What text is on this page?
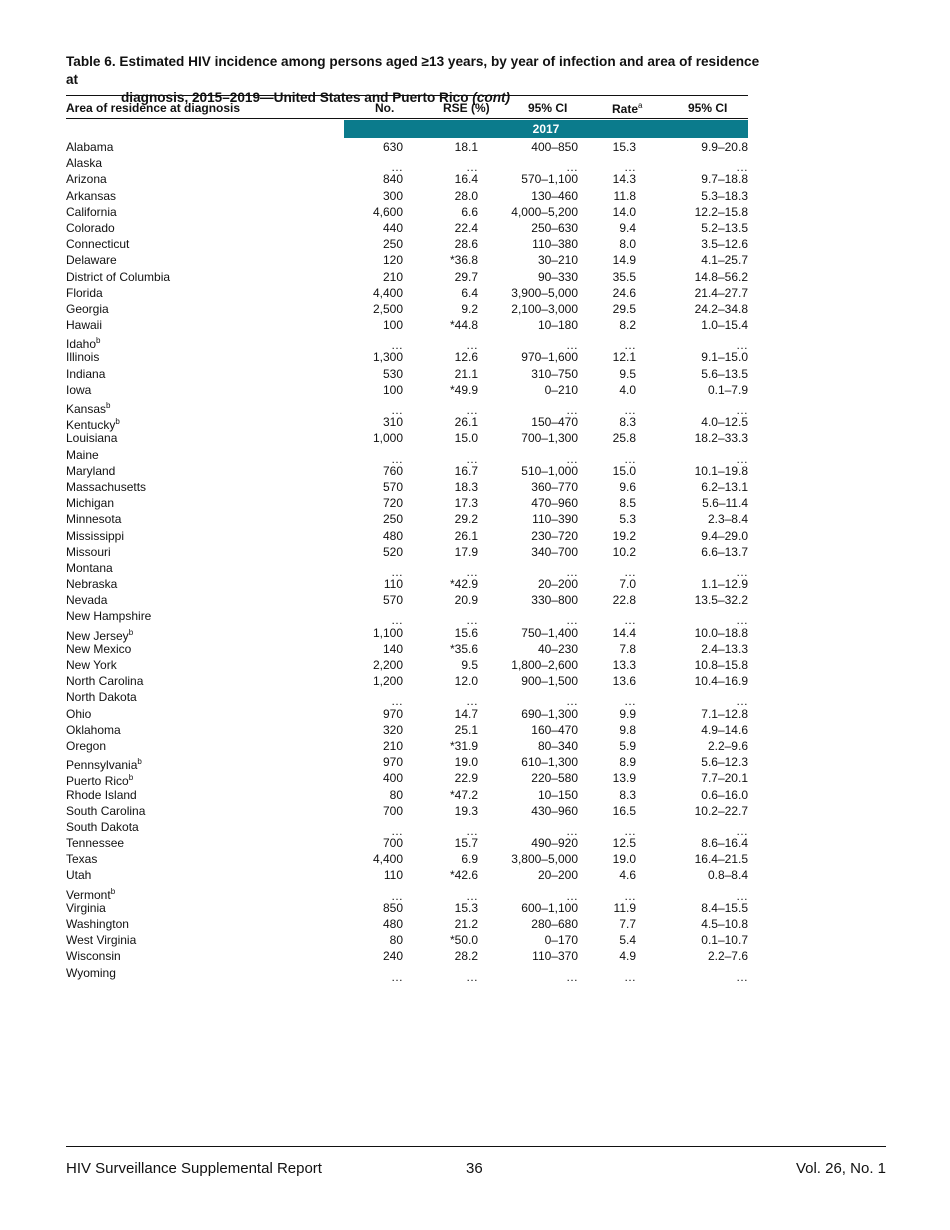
Table 6. Estimated HIV incidence among persons aged ≥13 years, by year of infection and area of residence at
diagnosis, 2015–2019—United States and Puerto Rico (cont)
Area of residence at diagnosis	No.	RSE (%)	95% CI	Rate$^a$	95% CI
2017
Alabama	630	18.1	400–850	15.3	9.9–20.8
Alaska	…	…	…	…	…
Arizona	840	16.4	570–1,100	14.3	9.7–18.8
Arkansas	300	28.0	130–460	11.8	5.3–18.3
California	4,600	6.6	4,000–5,200	14.0	12.2–15.8
Colorado	440	22.4	250–630	9.4	5.2–13.5
Connecticut	250	28.6	110–380	8.0	3.5–12.6
Delaware	120	*36.8	30–210	14.9	4.1–25.7
District of Columbia	210	29.7	90–330	35.5	14.8–56.2
Florida	4,400	6.4	3,900–5,000	24.6	21.4–27.7
Georgia	2,500	9.2	2,100–3,000	29.5	24.2–34.8
Hawaii	100	*44.8	10–180	8.2	1.0–15.4
Idaho$^b$	…	…	…	…	…
Illinois	1,300	12.6	970–1,600	12.1	9.1–15.0
Indiana	530	21.1	310–750	9.5	5.6–13.5
Iowa	100	*49.9	0–210	4.0	0.1–7.9
Kansas$^b$	…	…	…	…	…
Kentucky$^b$	310	26.1	150–470	8.3	4.0–12.5
Louisiana	1,000	15.0	700–1,300	25.8	18.2–33.3
Maine	…	…	…	…	…
Maryland	760	16.7	510–1,000	15.0	10.1–19.8
Massachusetts	570	18.3	360–770	9.6	6.2–13.1
Michigan	720	17.3	470–960	8.5	5.6–11.4
Minnesota	250	29.2	110–390	5.3	2.3–8.4
Mississippi	480	26.1	230–720	19.2	9.4–29.0
Missouri	520	17.9	340–700	10.2	6.6–13.7
Montana	…	…	…	…	…
Nebraska	110	*42.9	20–200	7.0	1.1–12.9
Nevada	570	20.9	330–800	22.8	13.5–32.2
New Hampshire	…	…	…	…	…
New Jersey$^b$	1,100	15.6	750–1,400	14.4	10.0–18.8
New Mexico	140	*35.6	40–230	7.8	2.4–13.3
New York	2,200	9.5	1,800–2,600	13.3	10.8–15.8
North Carolina	1,200	12.0	900–1,500	13.6	10.4–16.9
North Dakota	…	…	…	…	…
Ohio	970	14.7	690–1,300	9.9	7.1–12.8
Oklahoma	320	25.1	160–470	9.8	4.9–14.6
Oregon	210	*31.9	80–340	5.9	2.2–9.6
Pennsylvania$^b$	970	19.0	610–1,300	8.9	5.6–12.3
Puerto Rico$^b$	400	22.9	220–580	13.9	7.7–20.1
Rhode Island	80	*47.2	10–150	8.3	0.6–16.0
South Carolina	700	19.3	430–960	16.5	10.2–22.7
South Dakota	…	…	…	…	…
Tennessee	700	15.7	490–920	12.5	8.6–16.4
Texas	4,400	6.9	3,800–5,000	19.0	16.4–21.5
Utah	110	*42.6	20–200	4.6	0.8–8.4
Vermont$^b$	…	…	…	…	…
Virginia	850	15.3	600–1,100	11.9	8.4–15.5
Washington	480	21.2	280–680	7.7	4.5–10.8
West Virginia	80	*50.0	0–170	5.4	0.1–10.7
Wisconsin	240	28.2	110–370	4.9	2.2–7.6
Wyoming	…	…	…	…	…
HIV Surveillance Supplemental Report	36	Vol. 26, No. 1
